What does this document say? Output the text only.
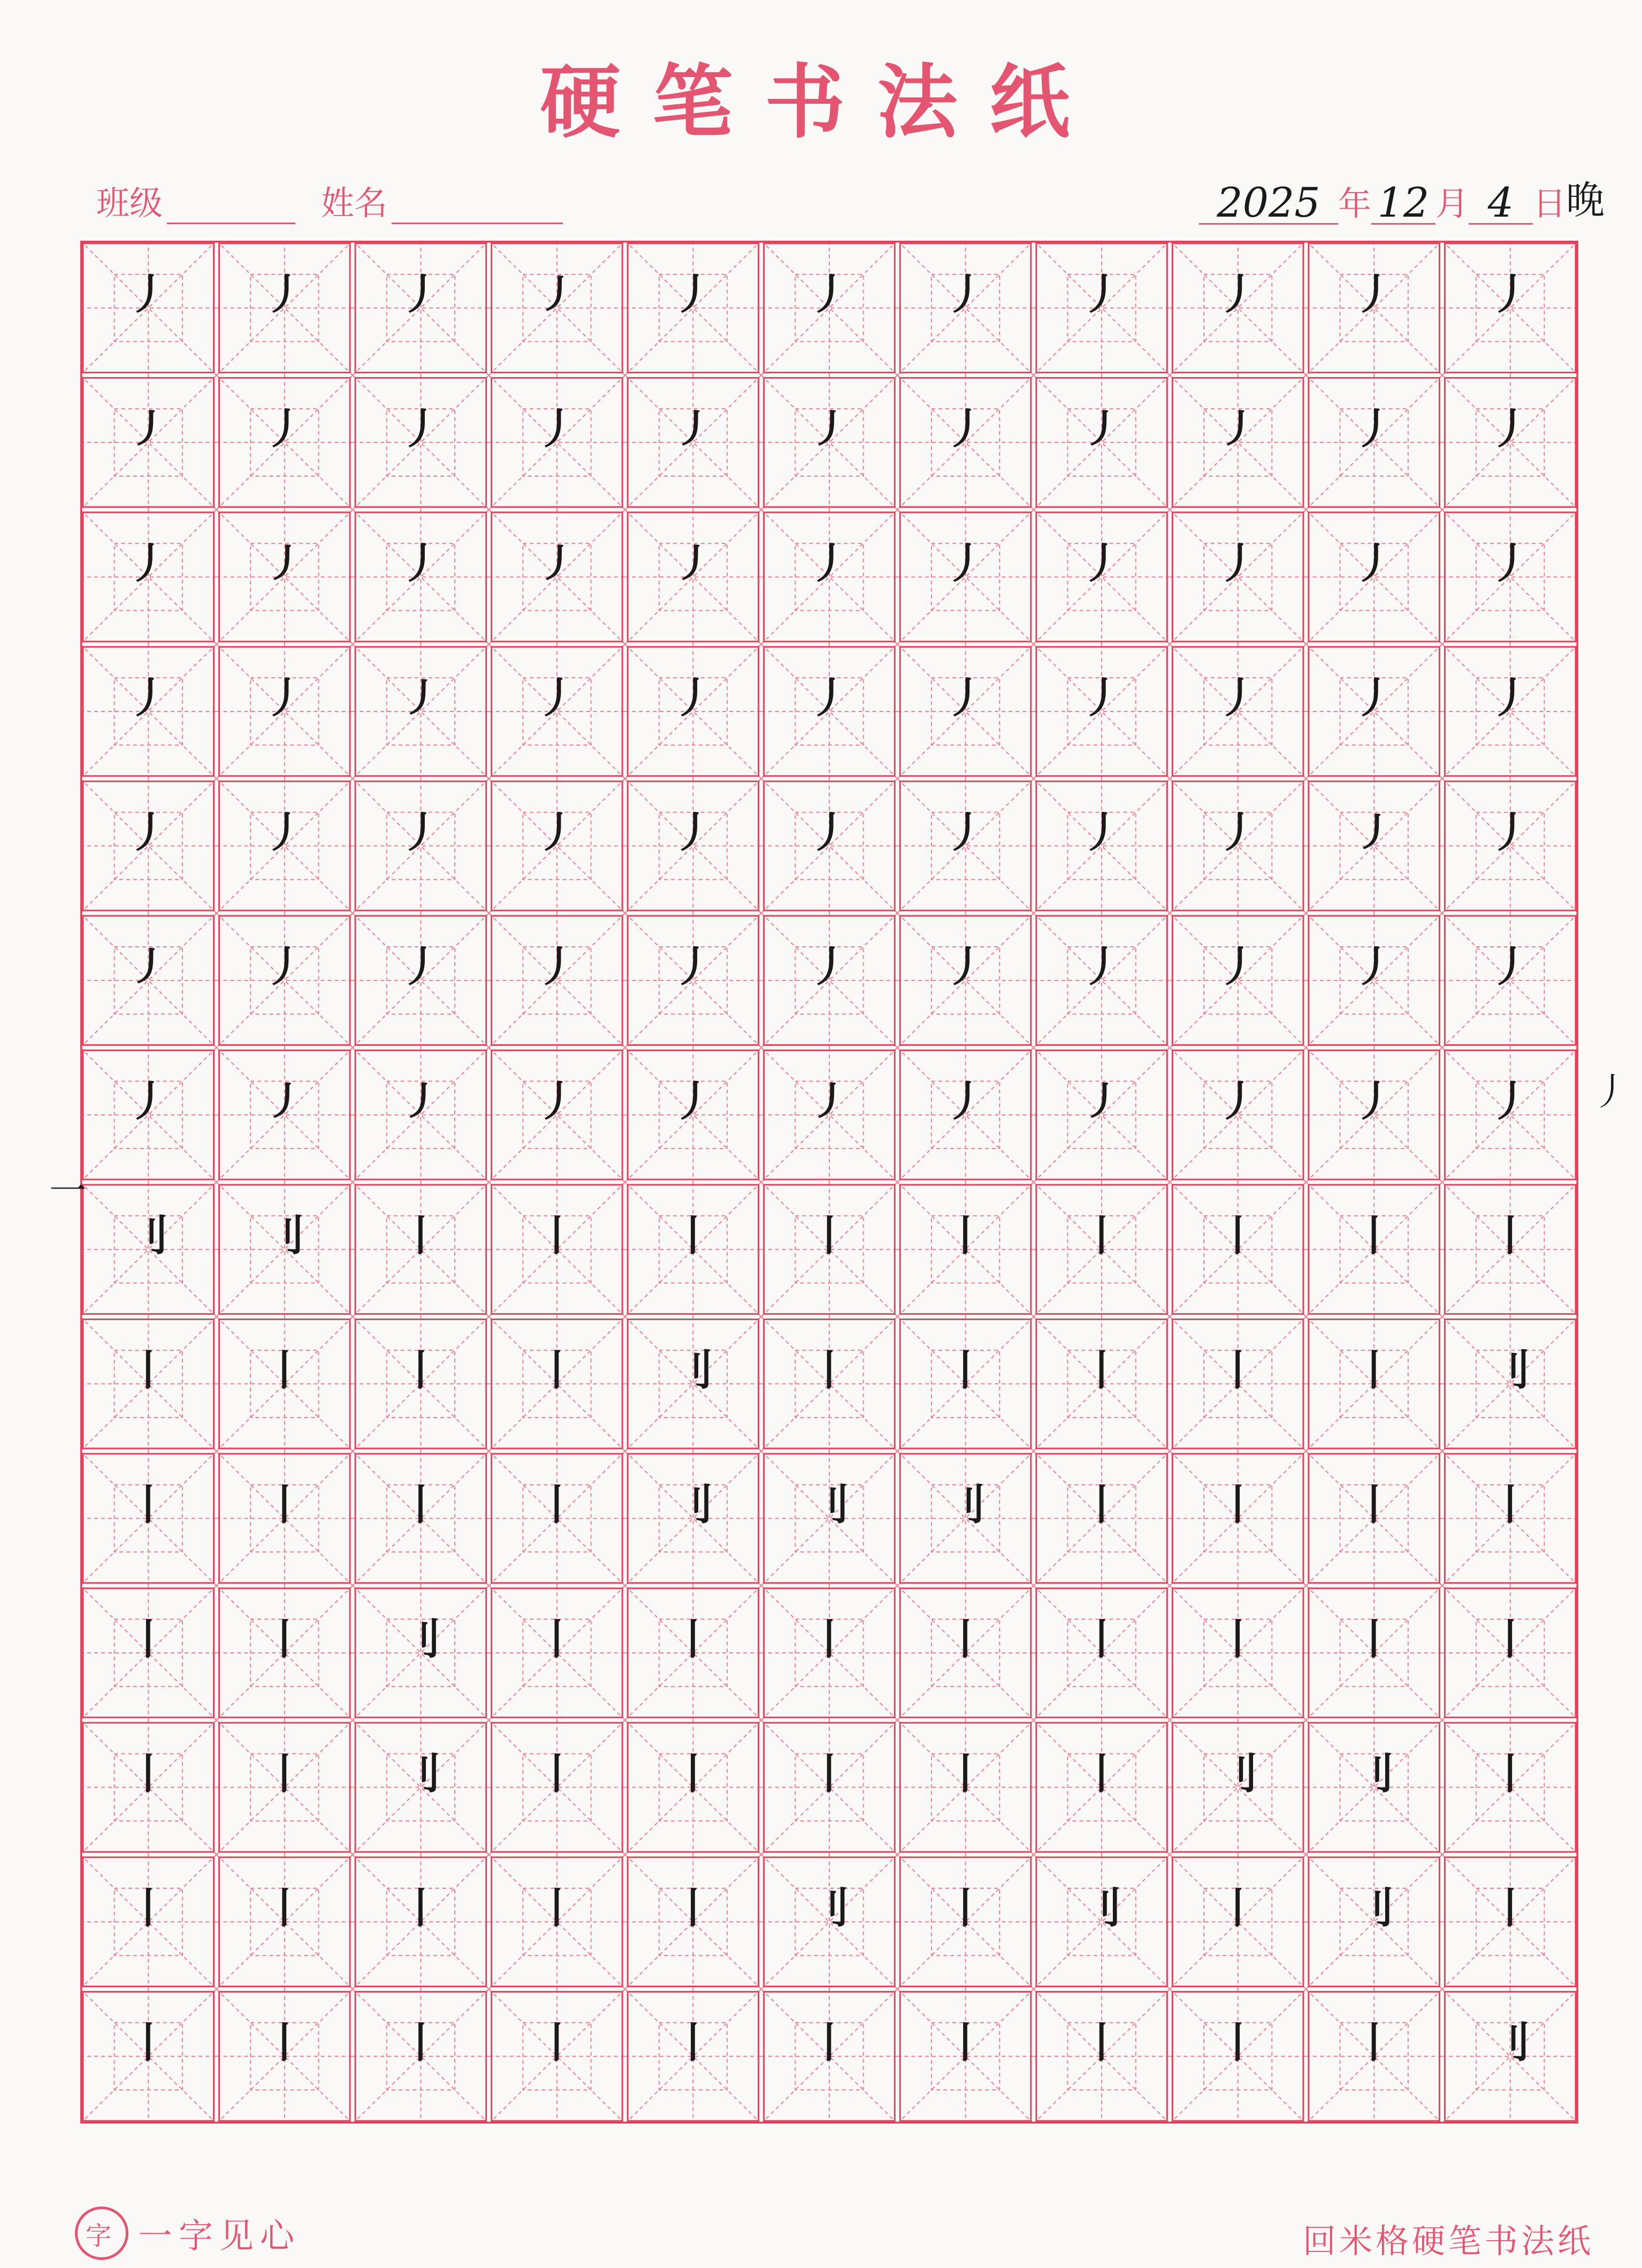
硬笔书法纸
班级	姓名	2025 年 12 月 4 日 晚
丿 丿 丿 ㇓ 丿 丿 丿 丿 丿 丿 丿
㇓ 丿 丿 丿 ㇓ ㇓ 丿 ㇓ ㇓ 丿 丿
丿 ㇓ 丿 ㇓ ㇓ 丿 丿 丿 丿 丿 丿
丿 丿 ㇓ 丿 丿 丿 丿 丿 丿 丿 丿
丿 丿 丿 丿 丿 丿 丿 丿 丿 ㇓ 丿
㇓ 丿 丿 丿 丿 丿 丿 丿 丿 丿 丿
丿 ㇓ ㇓ 丿 丿 ㇓ 丿 ㇓ 丿 丿 丿
刂 刂 丨 丨 丨 丨 丨 丨 丨 丨 丨
丨 丨 丨 丨 刂 丨 丨 丨 丨 丨 刂
丨 丨 丨 丨 刂 刂 刂 丨 丨 丨 丨
丨 丨 刂 丨 丨 丨 丨 丨 丨 丨 丨
丨 丨 刂 丨 丨 丨 丨 丨 刂 刂 丨
丨 丨 丨 丨 丨 刂 丨 刂 丨 刂 丨
丨 丨 丨 丨 丨 丨 丨 丨 丨 丨 刂
丿
一
字 一字见心	回米格硬笔书法纸
